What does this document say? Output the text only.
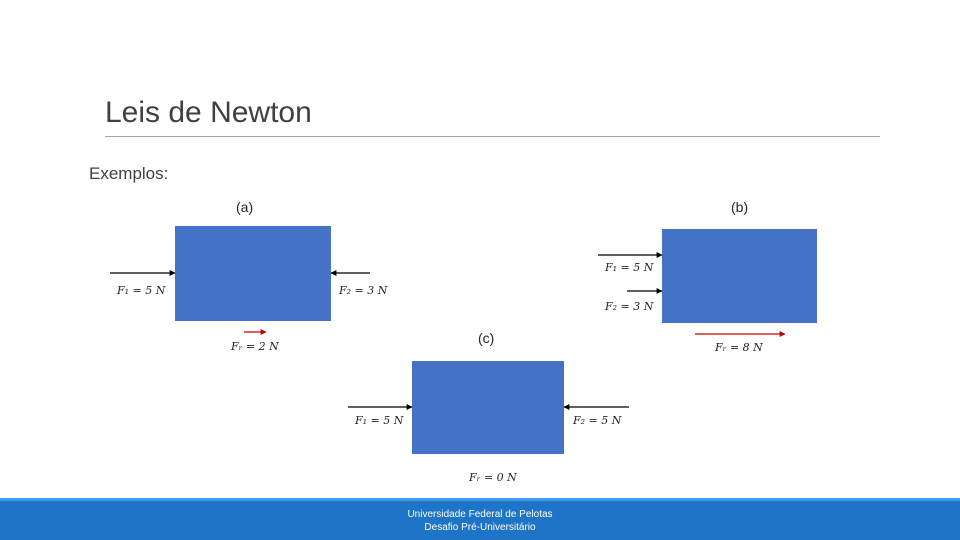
Leis de Newton
Exemplos:
(a)
F₁ = 5 N	F₂ = 3 N
Fᵣ = 2 N
(b)
F₁ = 5 N
F₂ = 3 N
Fᵣ = 8 N
(c)
F₁ = 5 N	F₂ = 5 N
Fᵣ = 0 N
Universidade Federal de Pelotas
Desafio Pré-Universitário
